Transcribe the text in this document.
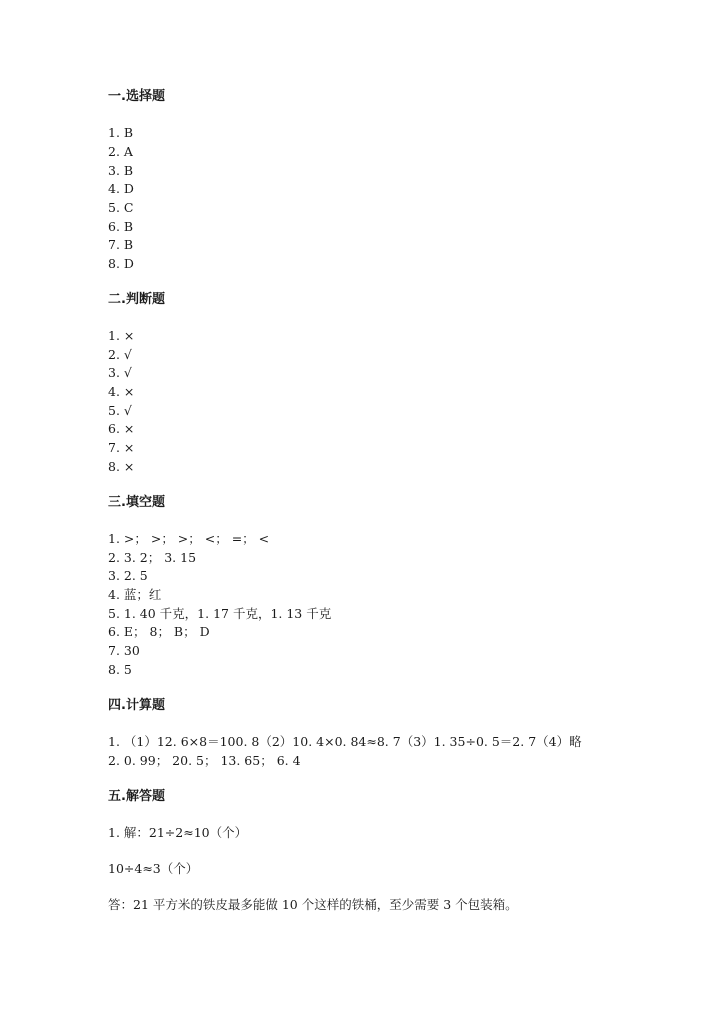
一.选择题

1. B

2. A

3. B

4. D

5. C

6. B

7. B

8. D

二.判断题

1. ×

2. √

3. √

4. ×

5. √

6. ×

7. ×

8. ×

三.填空题

1. >； >； >； <； =； <

2. 3. 2； 3. 15

3. 2. 5

4. 蓝；红

5. 1. 40 千克，1. 17 千克，1. 13 千克

6. E； 8； B； D

7. 30

8. 5

四.计算题

1. （1）12. 6×8＝100. 8（2）10. 4×0. 84≈8. 7（3）1. 35÷0. 5＝2. 7（4）略

2. 0. 99； 20. 5； 13. 65； 6. 4

五.解答题

1. 解：21÷2≈10（个）

10÷4≈3（个）

答：21 平方米的铁皮最多能做 10 个这样的铁桶，至少需要 3 个包装箱。
